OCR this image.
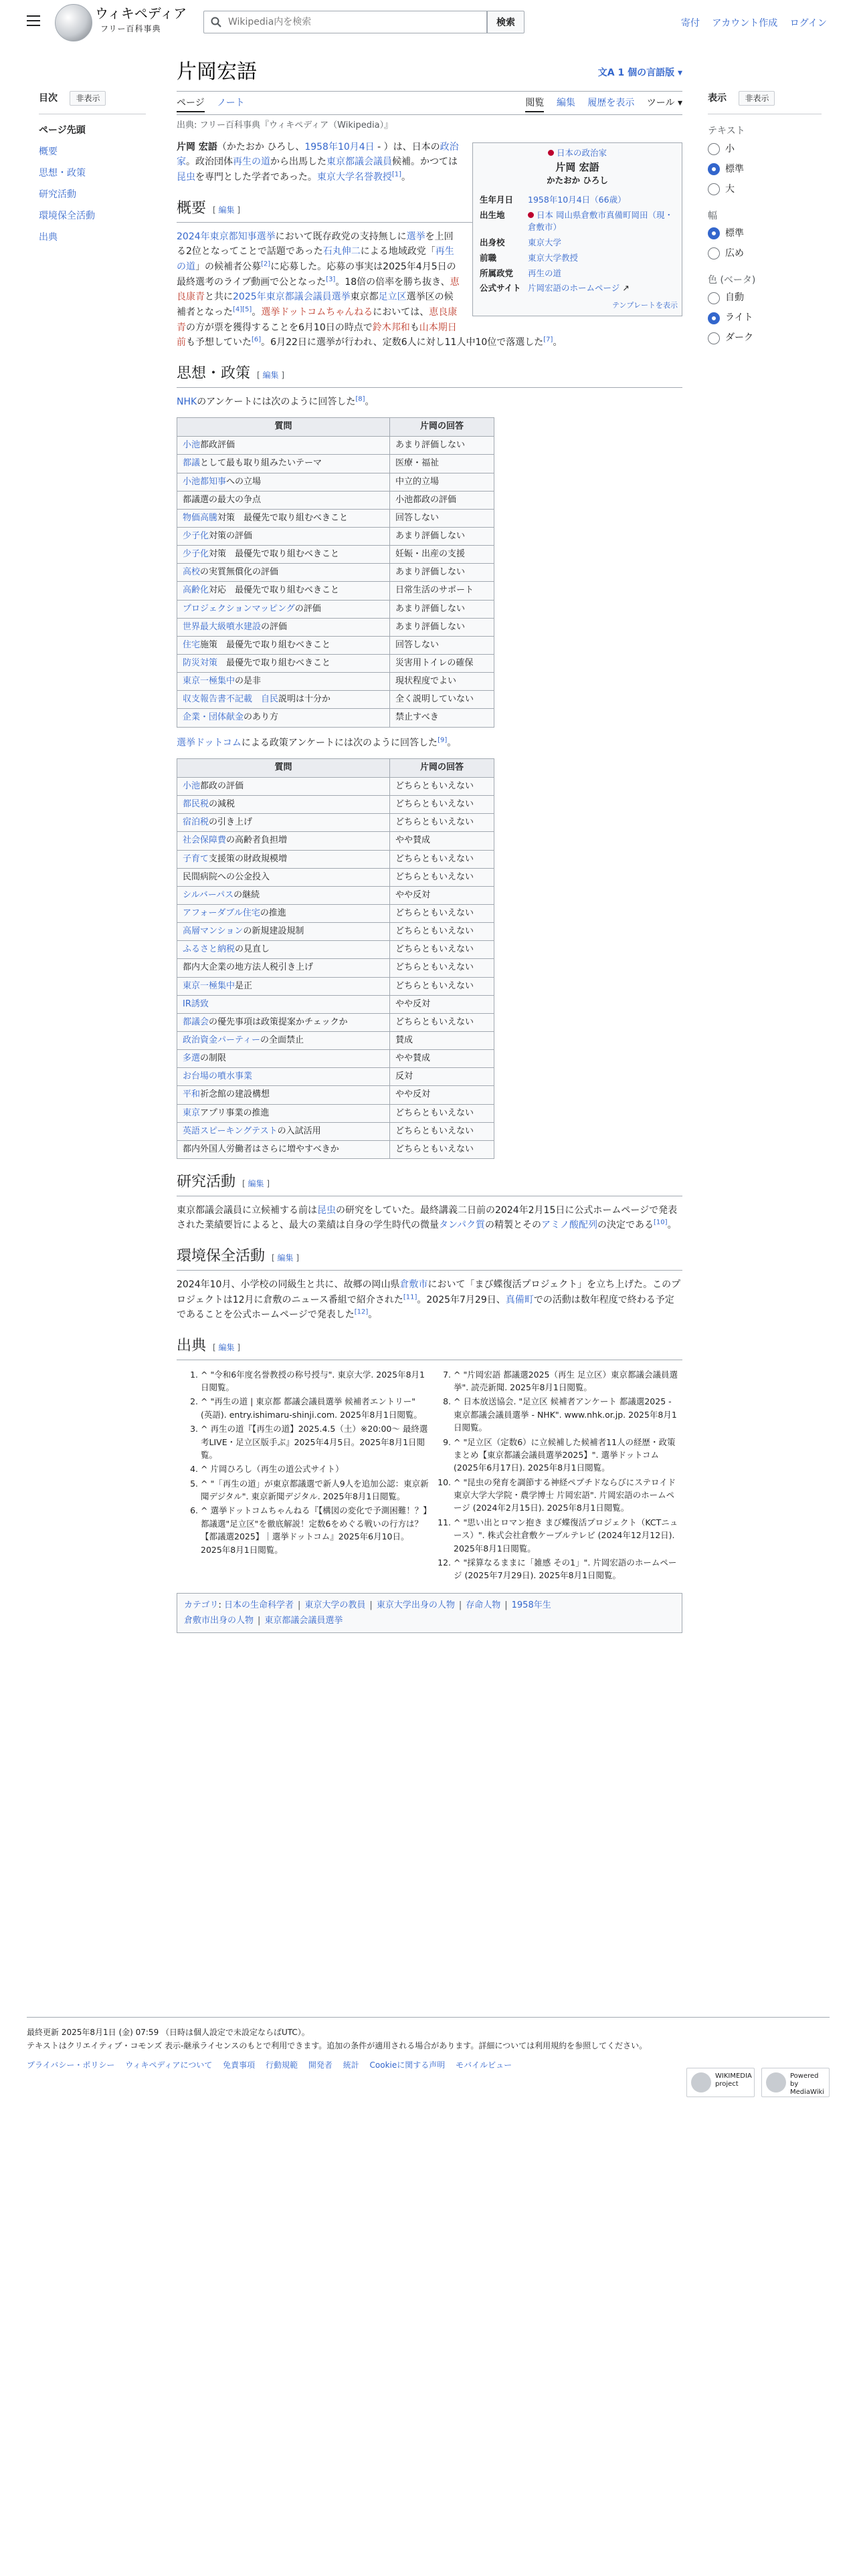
ウィキペディア
フリー百科事典
Wikipedia内を検索
検索	寄付 アカウント作成 ログイン
目次 非表示
ページ先頭
概要
思想・政策
研究活動
環境保全活動
出典
表示 非表示
テキスト
小
標準
大
幅
標準
広め
色 (ベータ)
自動
ライト
ダーク
片岡宏語	文A 1 個の言語版 ▾
ページ ノート	閲覧 編集 履歴を表示 ツール ▾
出典: フリー百科事典『ウィキペディア（Wikipedia）』
日本の政治家
片岡 宏語
かたおか ひろし
生年月日	1958年10月4日（66歳）
出生地	日本 岡山県倉敷市真備町岡田（現・倉敷市）
出身校	東京大学
前職	東京大学教授
所属政党	再生の道
公式サイト	片岡宏語のホームページ ↗
テンプレートを表示

片岡 宏語（かたおか ひろし、1958年10月4日 - ）は、日本の政治家。政治団体再生の道から出馬した東京都議会議員候補。かつては昆虫を専門とした学者であった。東京大学名誉教授[1]。

概要 [ 編集 ]

2024年東京都知事選挙において既存政党の支持無しに選挙を上回る2位となってことで話題であった石丸伸二による地域政党「再生の道」の候補者公募[2]に応募した。応募の事実は2025年4月5日の最終選考のライブ動画で公となった[3]。18倍の倍率を勝ち抜き、恵良康青と共に2025年東京都議会議員選挙東京都足立区選挙区の候補者となった[4][5]。選挙ドットコムちゃんねるにおいては、恵良康青の方が票を獲得することを6月10日の時点で鈴木邦和も山本期日前も予想していた[6]。6月22日に選挙が行われ、定数6人に対し11人中10位で落選した[7]。

思想・政策 [ 編集 ]

NHKのアンケートには次のように回答した[8]。

質問	片岡の回答
小池都政評価	あまり評価しない
都議として最も取り組みたいテーマ	医療・福祉
小池都知事への立場	中立的立場
都議選の最大の争点	小池都政の評価
物価高騰対策　最優先で取り組むべきこと	回答しない
少子化対策の評価	あまり評価しない
少子化対策　最優先で取り組むべきこと	妊娠・出産の支援
高校の実質無償化の評価	あまり評価しない
高齢化対応　最優先で取り組むべきこと	日常生活のサポート
プロジェクションマッピングの評価	あまり評価しない
世界最大級噴水建設の評価	あまり評価しない
住宅施策　最優先で取り組むべきこと	回答しない
防災対策　最優先で取り組むべきこと	災害用トイレの確保
東京一極集中の是非	現状程度でよい
収支報告書不記載　自民説明は十分か	全く説明していない
企業・団体献金のあり方	禁止すべき

選挙ドットコムによる政策アンケートには次のように回答した[9]。

質問	片岡の回答
小池都政の評価	どちらともいえない
都民税の減税	どちらともいえない
宿泊税の引き上げ	どちらともいえない
社会保障費の高齢者負担増	やや賛成
子育て支援策の財政規模増	どちらともいえない
民間病院への公金投入	どちらともいえない
シルバーパスの継続	やや反対
アフォーダブル住宅の推進	どちらともいえない
高層マンションの新規建設規制	どちらともいえない
ふるさと納税の見直し	どちらともいえない
都内大企業の地方法人税引き上げ	どちらともいえない
東京一極集中是正	どちらともいえない
IR誘致	やや反対
都議会の優先事項は政策提案かチェックか	どちらともいえない
政治資金パーティーの全面禁止	賛成
多選の制限	やや賛成
お台場の噴水事業	反対
平和祈念館の建設構想	やや反対
東京アプリ事業の推進	どちらともいえない
英語スピーキングテストの入試活用	どちらともいえない
都内外国人労働者はさらに増やすべきか	どちらともいえない
研究活動 [ 編集 ]

東京都議会議員に立候補する前は昆虫の研究をしていた。最終講義二日前の2024年2月15日に公式ホームページで発表された業績要旨によると、最大の業績は自身の学生時代の微量タンパク質の精製とそのアミノ酸配列の決定である[10]。

環境保全活動 [ 編集 ]

2024年10月、小学校の同級生と共に、故郷の岡山県倉敷市において「まび蝶復活プロジェクト」を立ち上げた。このプロジェクトは12月に倉敷のニュース番組で紹介された[11]。2025年7月29日、真備町での活動は数年程度で終わる予定であることを公式ホームページで発表した[12]。

出典 [ 編集 ]
1. ^ "令和6年度名誉教授の称号授与". 東京大学. 2025年8月1日閲覧。
2. ^ "再生の道 | 東京都 都議会議員選挙 候補者エントリー" (英語). entry.ishimaru-shinji.com. 2025年8月1日閲覧。
3. ^ 再生の道『【再生の道】2025.4.5（土）※20:00〜 最終選考LIVE・足立区版手ぶ』2025年4月5日。2025年8月1日閲覧。
4. ^ 片岡ひろし（再生の道公式サイト）
5. ^ "「再生の道」が東京都議選で新人9人を追加公認：東京新聞デジタル". 東京新聞デジタル. 2025年8月1日閲覧。
6. ^ 選挙ドットコムちゃんねる『【構図の変化で予測困難！？】都議選"足立区"を徹底解説！定数6をめぐる戦いの行方は？【都議選2025】｜選挙ドットコム』2025年6月10日。2025年8月1日閲覧。
7. ^ "片岡宏語 都議選2025（再生 足立区）東京都議会議員選挙". 読売新聞. 2025年8月1日閲覧。
8. ^ 日本放送協会. "足立区 候補者アンケート 都議選2025 - 東京都議会議員選挙 - NHK". www.nhk.or.jp. 2025年8月1日閲覧。
9. ^ "足立区（定数6）に立候補した候補者11人の経歴・政策まとめ【東京都議会議員選挙2025】". 選挙ドットコム (2025年6月17日). 2025年8月1日閲覧。
10. ^ "昆虫の発育を調節する神経ペプチドならびにステロイド 東京大学大学院・農学博士 片岡宏語". 片岡宏語のホームページ (2024年2月15日). 2025年8月1日閲覧。
11. ^ "思い出とロマン抱き まび蝶復活プロジェクト（KCTニュース）". 株式会社倉敷ケーブルテレビ (2024年12月12日). 2025年8月1日閲覧。
12. ^ "採算なるままに「雑感 その1」". 片岡宏語のホームページ (2025年7月29日). 2025年8月1日閲覧。
カテゴリ: 日本の生命科学者 | 東京大学の教員 | 東京大学出身の人物 | 存命人物 | 1958年生
倉敷市出身の人物 | 東京都議会議員選挙
最終更新 2025年8月1日 (金) 07:59 （日時は個人設定で未設定ならばUTC）。
テキストはクリエイティブ・コモンズ 表示-継承ライセンスのもとで利用できます。追加の条件が適用される場合があります。詳細については利用規約を参照してください。
プライバシー・ポリシー ウィキペディアについて 免責事項 行動規範 開発者 統計 Cookieに関する声明 モバイルビュー
WIKIMEDIA project
Powered by MediaWiki
